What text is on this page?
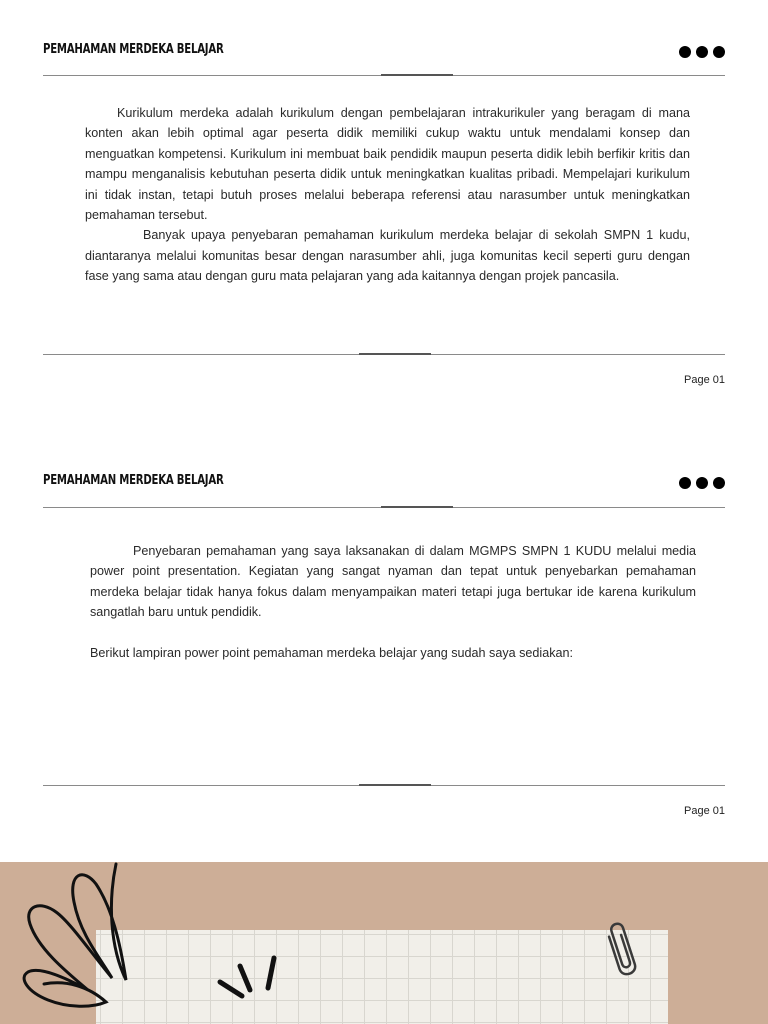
PEMAHAMAN MERDEKA BELAJAR

Kurikulum merdeka adalah kurikulum dengan pembelajaran intrakurikuler yang beragam di mana konten akan lebih optimal agar peserta didik memiliki cukup waktu untuk mendalami konsep dan menguatkan kompetensi. Kurikulum ini membuat baik pendidik maupun peserta didik lebih berfikir kritis dan mampu menganalisis kebutuhan peserta didik untuk meningkatkan kualitas pribadi. Mempelajari kurikulum ini tidak instan, tetapi butuh proses melalui beberapa referensi atau narasumber untuk meningkatkan pemahaman tersebut.

Banyak upaya penyebaran pemahaman kurikulum merdeka belajar di sekolah SMPN 1 kudu, diantaranya melalui komunitas besar dengan narasumber ahli, juga komunitas kecil seperti guru dengan fase yang sama atau dengan guru mata pelajaran yang ada kaitannya dengan projek pancasila.

Page 01
PEMAHAMAN MERDEKA BELAJAR

Penyebaran pemahaman yang saya laksanakan di dalam MGMPS SMPN 1 KUDU melalui media power point presentation. Kegiatan yang sangat nyaman dan tepat untuk penyebarkan pemahaman merdeka belajar tidak hanya fokus dalam menyampaikan materi tetapi juga bertukar ide karena kurikulum sangatlah baru untuk pendidik.

Berikut lampiran power point pemahaman merdeka belajar yang sudah saya sediakan:

Page 01
